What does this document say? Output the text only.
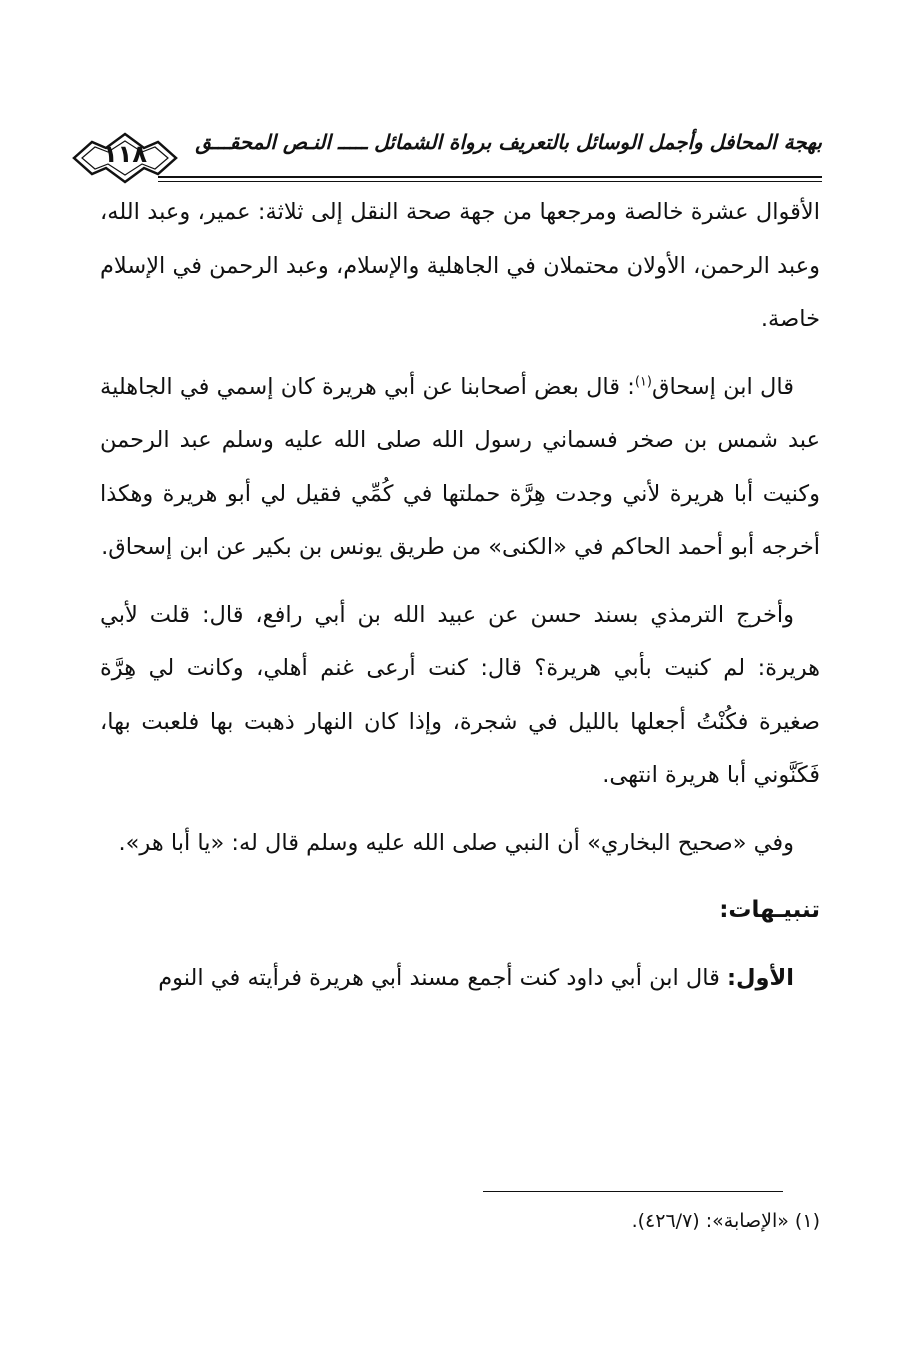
بهجة المحافل وأجمل الوسائل بالتعريف برواة الشمائل ـــــ النـص المحقـــق
١١٨

الأقوال عشرة خالصة ومرجعها من جهة صحة النقل إلى ثلاثة: عمير، وعبد الله، وعبد الرحمن، الأولان محتملان في الجاهلية والإسلام، وعبد الرحمن في الإسلام خاصة.

قال ابن إسحاق$^{(١)}$: قال بعض أصحابنا عن أبي هريرة كان إسمي في الجاهلية عبد شمس بن صخر فسماني رسول الله صلى الله عليه وسلم عبد الرحمن وكنيت أبا هريرة لأني وجدت هِرَّة حملتها في كُمِّي فقيل لي أبو هريرة وهكذا أخرجه أبو أحمد الحاكم في «الكنى» من طريق يونس بن بكير عن ابن إسحاق.

وأخرج الترمذي بسند حسن عن عبيد الله بن أبي رافع، قال: قلت لأبي هريرة: لم كنيت بأبي هريرة؟ قال: كنت أرعى غنم أهلي، وكانت لي هِرَّة صغيرة فكُنْتُ أجعلها بالليل في شجرة، وإذا كان النهار ذهبت بها فلعبت بها، فَكَنَّوني أبا هريرة انتهى.

وفي «صحيح البخاري» أن النبي صلى الله عليه وسلم قال له: «يا أبا هر».

تنبيـهات:

الأول: قال ابن أبي داود كنت أجمع مسند أبي هريرة فرأيته في النوم

(١) «الإصابة»: (٤٢٦/٧).
